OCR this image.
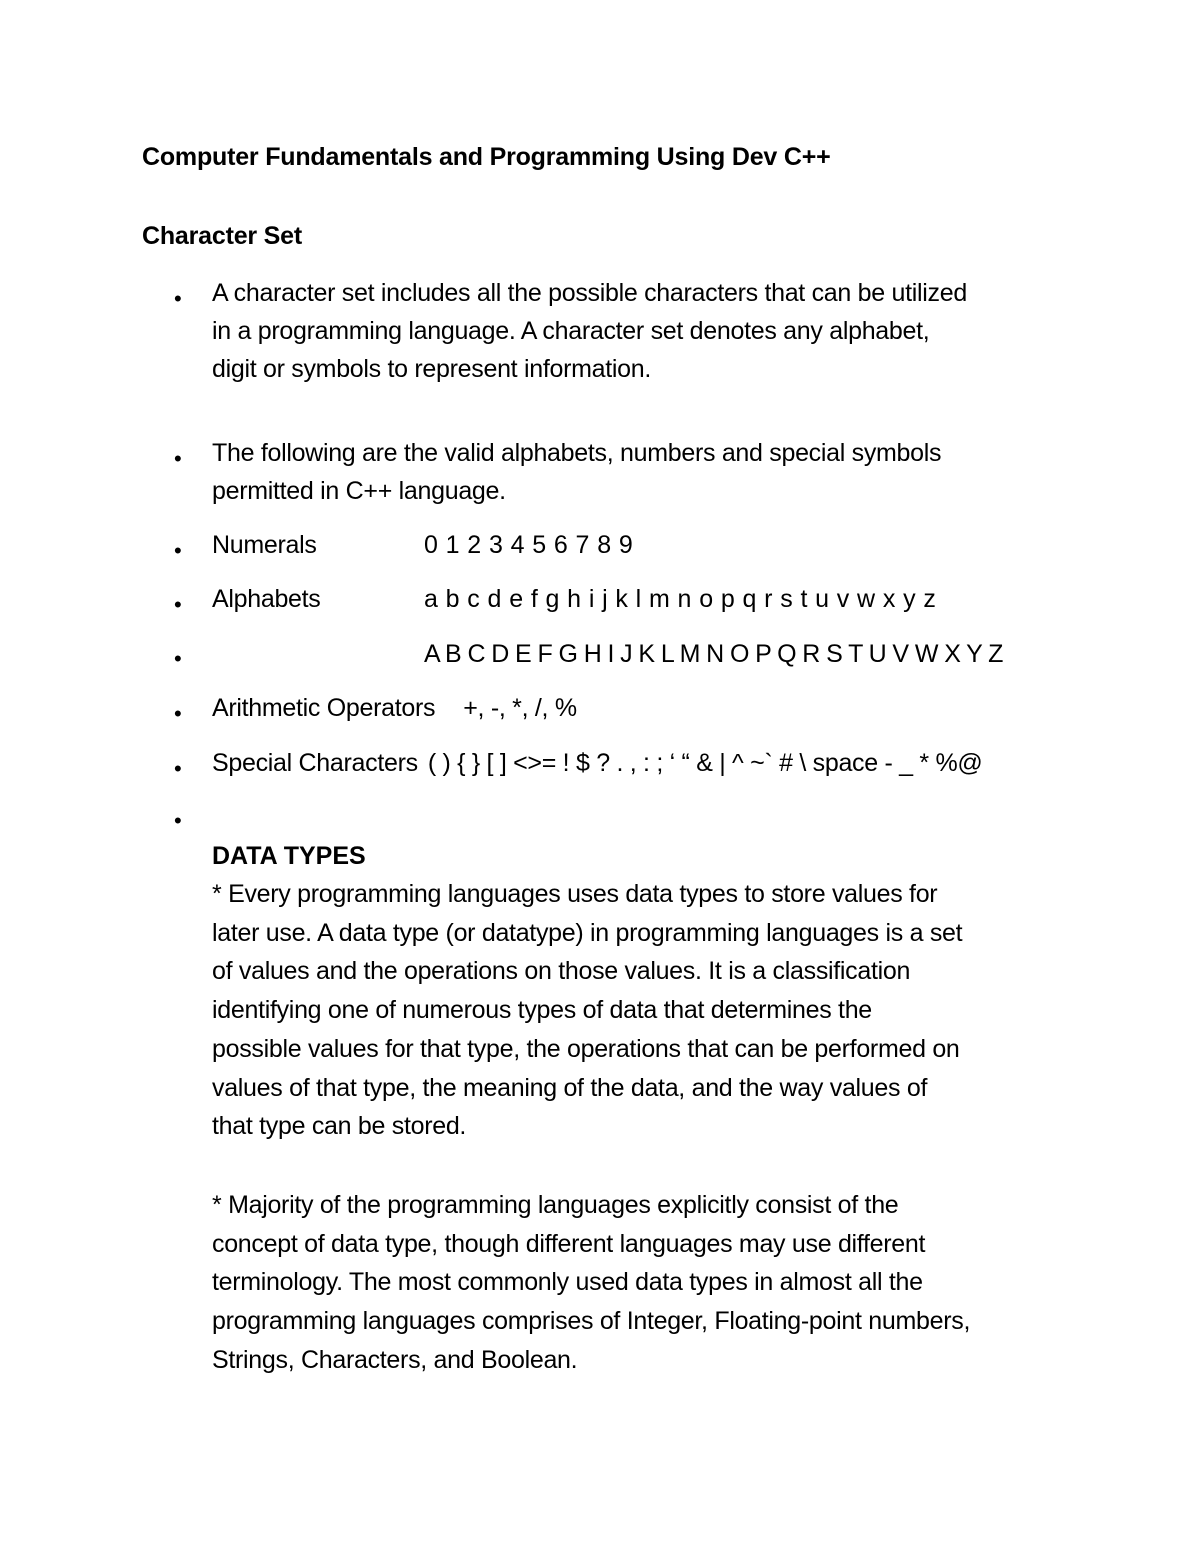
Computer Fundamentals and Programming Using Dev C++
Character Set
• A character set includes all the possible characters that can be utilized
in a programming language. A character set denotes any alphabet,
digit or symbols to represent information.
• The following are the valid alphabets, numbers and special symbols
permitted in C++ language.
• Numerals	0 1 2 3 4 5 6 7 8 9
• Alphabets	a b c d e f g h i j k l m n o p q r s t u v w x y z
•	A B C D E F G H I J K L M N O P Q R S T U V W X Y Z
• Arithmetic Operators +, -, *, /, %
• Special Characters ( ) { } [ ] <>= ! $ ? . , : ; ‘ “ & | ^ ~` # \ space - _ * %@
•
DATA TYPES
* Every programming languages uses data types to store values for
later use. A data type (or datatype) in programming languages is a set
of values and the operations on those values. It is a classification
identifying one of numerous types of data that determines the
possible values for that type, the operations that can be performed on
values of that type, the meaning of the data, and the way values of
that type can be stored.
* Majority of the programming languages explicitly consist of the
concept of data type, though different languages may use different
terminology. The most commonly used data types in almost all the
programming languages comprises of Integer, Floating-point numbers,
Strings, Characters, and Boolean.
